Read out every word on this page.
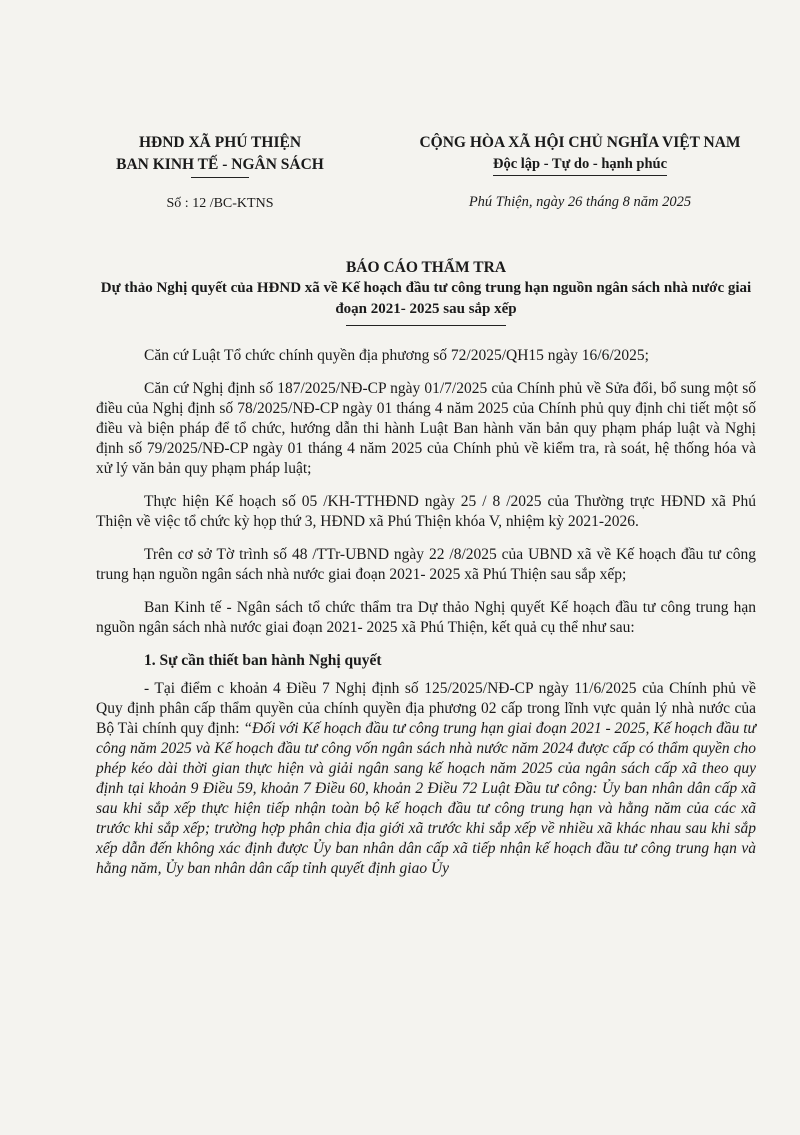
HĐND XÃ PHÚ THIỆN
BAN KINH TẾ - NGÂN SÁCH
CỘNG HÒA XÃ HỘI CHỦ NGHĨA VIỆT NAM
Độc lập - Tự do - hạnh phúc
Số : 12 /BC-KTNS	Phú Thiện, ngày 26 tháng 8 năm 2025
BÁO CÁO THẨM TRA
Dự thảo Nghị quyết của HĐND xã về Kế hoạch đầu tư công trung hạn nguồn ngân sách nhà nước giai đoạn 2021- 2025 sau sắp xếp

Căn cứ Luật Tổ chức chính quyền địa phương số 72/2025/QH15 ngày 16/6/2025;

Căn cứ Nghị định số 187/2025/NĐ-CP ngày 01/7/2025 của Chính phủ về Sửa đổi, bổ sung một số điều của Nghị định số 78/2025/NĐ-CP ngày 01 tháng 4 năm 2025 của Chính phủ quy định chi tiết một số điều và biện pháp để tổ chức, hướng dẫn thi hành Luật Ban hành văn bản quy phạm pháp luật và Nghị định số 79/2025/NĐ-CP ngày 01 tháng 4 năm 2025 của Chính phủ về kiểm tra, rà soát, hệ thống hóa và xử lý văn bản quy phạm pháp luật;

Thực hiện Kế hoạch số 05 /KH-TTHĐND ngày 25 / 8 /2025 của Thường trực HĐND xã Phú Thiện về việc tổ chức kỳ họp thứ 3, HĐND xã Phú Thiện khóa V, nhiệm kỳ 2021-2026.

Trên cơ sở Tờ trình số 48 /TTr-UBND ngày 22 /8/2025 của UBND xã về Kế hoạch đầu tư công trung hạn nguồn ngân sách nhà nước giai đoạn 2021- 2025 xã Phú Thiện sau sắp xếp;

Ban Kinh tế - Ngân sách tổ chức thẩm tra Dự thảo Nghị quyết Kế hoạch đầu tư công trung hạn nguồn ngân sách nhà nước giai đoạn 2021- 2025 xã Phú Thiện, kết quả cụ thể như sau:

1. Sự cần thiết ban hành Nghị quyết

- Tại điểm c khoản 4 Điều 7 Nghị định số 125/2025/NĐ-CP ngày 11/6/2025 của Chính phủ về Quy định phân cấp thẩm quyền của chính quyền địa phương 02 cấp trong lĩnh vực quản lý nhà nước của Bộ Tài chính quy định: “Đối với Kế hoạch đầu tư công trung hạn giai đoạn 2021 - 2025, Kế hoạch đầu tư công năm 2025 và Kế hoạch đầu tư công vốn ngân sách nhà nước năm 2024 được cấp có thẩm quyền cho phép kéo dài thời gian thực hiện và giải ngân sang kế hoạch năm 2025 của ngân sách cấp xã theo quy định tại khoản 9 Điều 59, khoản 7 Điều 60, khoản 2 Điều 72 Luật Đầu tư công: Ủy ban nhân dân cấp xã sau khi sắp xếp thực hiện tiếp nhận toàn bộ kế hoạch đầu tư công trung hạn và hằng năm của các xã trước khi sắp xếp; trường hợp phân chia địa giới xã trước khi sắp xếp về nhiều xã khác nhau sau khi sắp xếp dẫn đến không xác định được Ủy ban nhân dân cấp xã tiếp nhận kế hoạch đầu tư công trung hạn và hằng năm, Ủy ban nhân dân cấp tỉnh quyết định giao Ủy
